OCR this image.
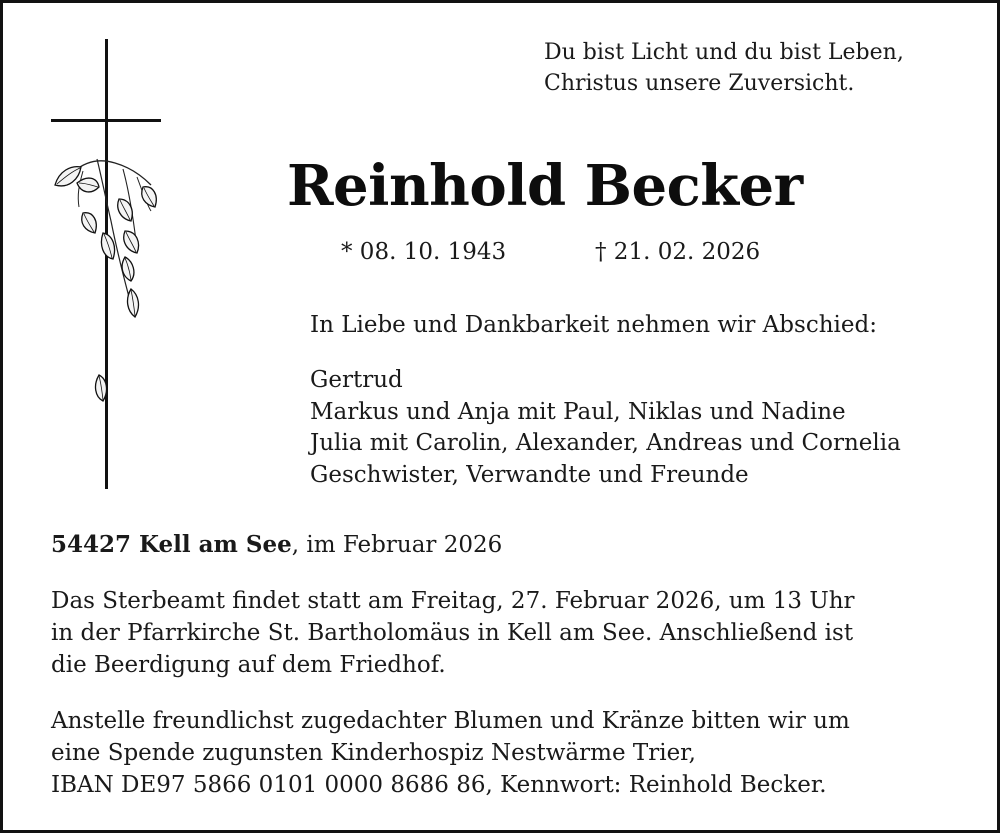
Du bist Licht und du bist Leben,
Christus unsere Zuversicht.
Reinhold Becker
* 08. 10. 1943	† 21. 02. 2026
In Liebe und Dankbarkeit nehmen wir Abschied:
Gertrud
Markus und Anja mit Paul, Niklas und Nadine
Julia mit Carolin, Alexander, Andreas und Cornelia
Geschwister, Verwandte und Freunde
54427 Kell am See, im Februar 2026
Das Sterbeamt findet statt am Freitag, 27. Februar 2026, um 13 Uhr
in der Pfarrkirche St. Bartholomäus in Kell am See. Anschließend ist
die Beerdigung auf dem Friedhof.
Anstelle freundlichst zugedachter Blumen und Kränze bitten wir um
eine Spende zugunsten Kinderhospiz Nestwärme Trier,
IBAN DE97 5866 0101 0000 8686 86, Kennwort: Reinhold Becker.
